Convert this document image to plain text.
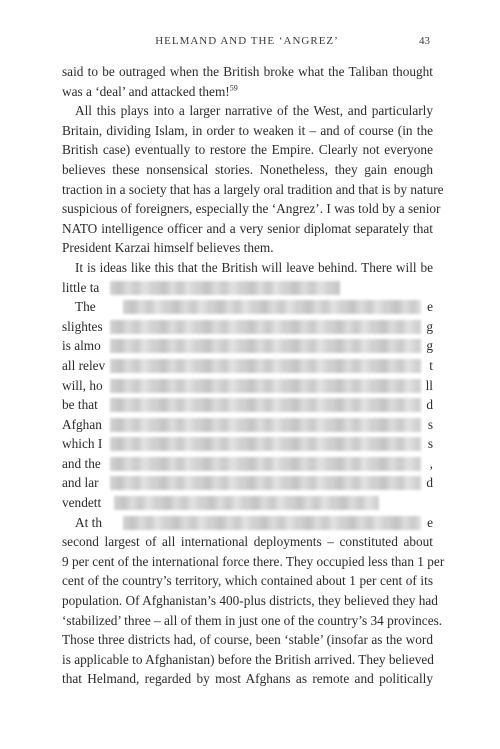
HELMAND AND THE ‘ANGREZ’	43
said to be outraged when the British broke what the Taliban thought
was a ‘deal’ and attacked them!$^{59}$
All this plays into a larger narrative of the West, and particularly
Britain, dividing Islam, in order to weaken it – and of course (in the
British case) eventually to restore the Empire. Clearly not everyone
believes these nonsensical stories. Nonetheless, they gain enough
traction in a society that has a largely oral tradition and that is by nature
suspicious of foreigners, especially the ‘Angrez’. I was told by a senior
NATO intelligence officer and a very senior diplomat separately that
President Karzai himself believes them.
It is ideas like this that the British will leave behind. There will be
little ta
The	e
slightes	g
is almo	g
all relev	t
will, ho	ll
be that	d
Afghan	s
which I	s
and the	,
and lar	d
vendett
At th	e
second largest of all international deployments – constituted about
9 per cent of the international force there. They occupied less than 1 per
cent of the country’s territory, which contained about 1 per cent of its
population. Of Afghanistan’s 400-plus districts, they believed they had
‘stabilized’ three – all of them in just one of the country’s 34 provinces.
Those three districts had, of course, been ‘stable’ (insofar as the word
is applicable to Afghanistan) before the British arrived. They believed
that Helmand, regarded by most Afghans as remote and politically
